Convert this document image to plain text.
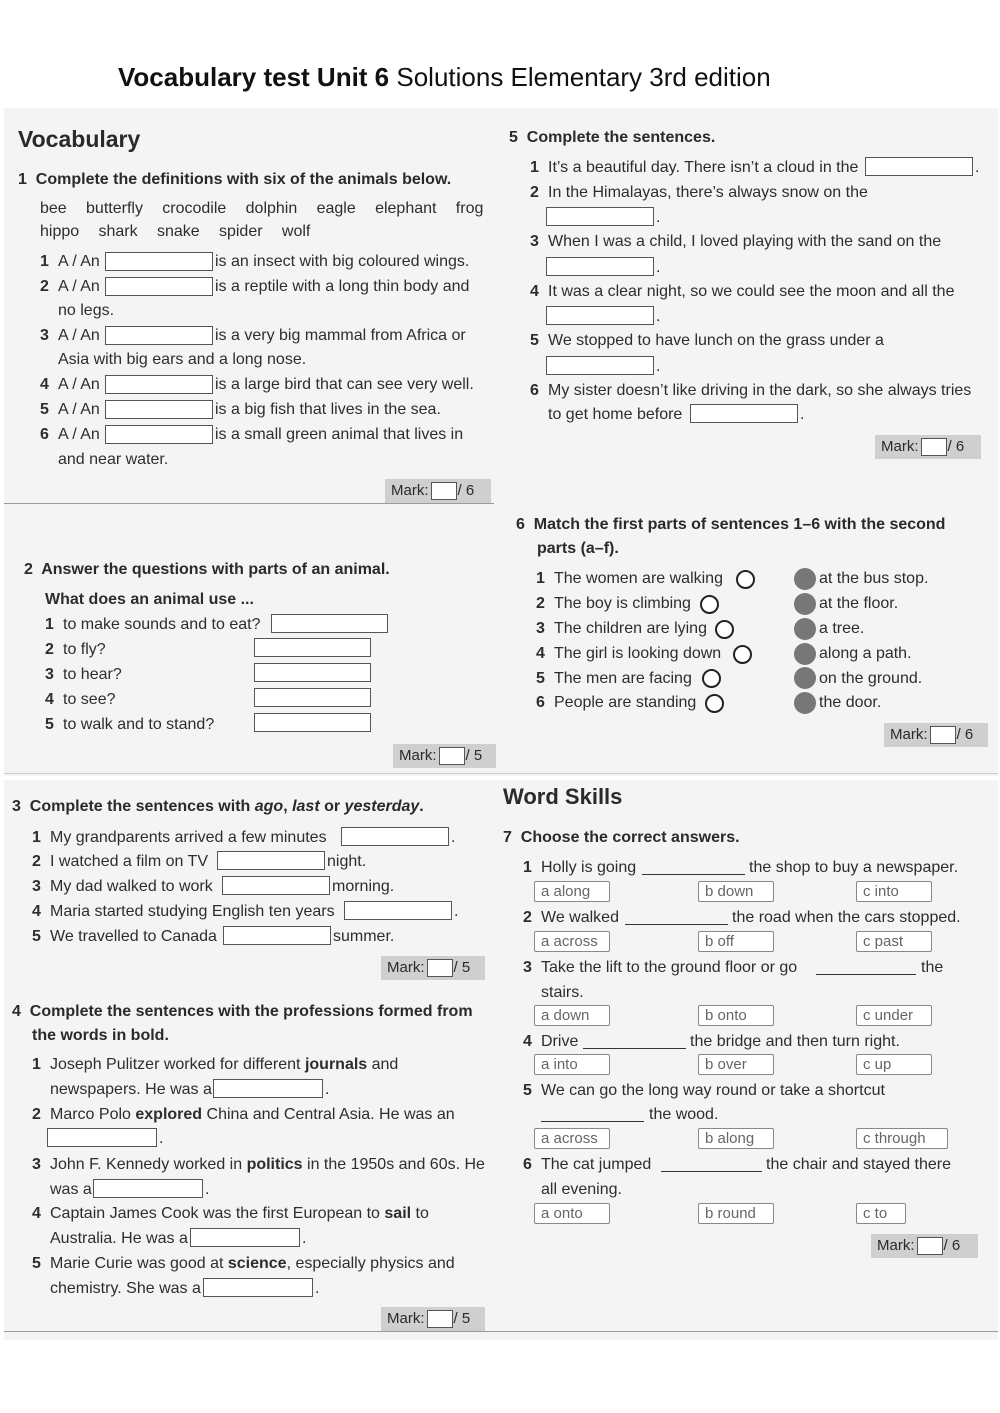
Vocabulary test Unit 6 Solutions Elementary 3rd edition
Vocabulary
1 Complete the definitions with six of the animals below.
bee   butterfly   crocodile   dolphin   eagle   elephant   frog
hippo   shark   snake   spider   wolf
1 A / An	is an insect with big coloured wings.
2 A / An	is a reptile with a long thin body and
no legs.
3 A / An	is a very big mammal from Africa or
Asia with big ears and a long nose.
4 A / An	is a large bird that can see very well.
5 A / An	is a big fish that lives in the sea.
6 A / An	is a small green animal that lives in
and near water.
Mark: / 6
2 Answer the questions with parts of an animal.
What does an animal use ...
1 to make sounds and to eat?
2 to fly?
3 to hear?
4 to see?
5 to walk and to stand?
Mark: / 5
3 Complete the sentences with ago, last or yesterday.
1 My grandparents arrived a few minutes	.
2 I watched a film on TV	night.
3 My dad walked to work	morning.
4 Maria started studying English ten years	.
5 We travelled to Canada	summer.
Mark: / 5
4 Complete the sentences with the professions formed from
the words in bold.
1 Joseph Pulitzer worked for different journals and
newspapers. He was a	.
2 Marco Polo explored China and Central Asia. He was an
.
3 John F. Kennedy worked in politics in the 1950s and 60s. He
was a	.
4 Captain James Cook was the first European to sail to
Australia. He was a	.
5 Marie Curie was good at science, especially physics and
chemistry. She was a	.
Mark: / 5
5 Complete the sentences.
1 It’s a beautiful day. There isn’t a cloud in the	.
2 In the Himalayas, there’s always snow on the
.
3 When I was a child, I loved playing with the sand on the
.
4 It was a clear night, so we could see the moon and all the
.
5 We stopped to have lunch on the grass under a
.
6 My sister doesn’t like driving in the dark, so she always tries
to get home before	.
Mark: / 6
6 Match the first parts of sentences 1–6 with the second
parts (a–f).
1 The women are walking	at the bus stop.
2 The boy is climbing	at the floor.
3 The children are lying	a tree.
4 The girl is looking down	along a path.
5 The men are facing	on the ground.
6 People are standing	the door.
Mark: / 6
Word Skills
7 Choose the correct answers.
1 Holly is going	the shop to buy a newspaper.
a along	b down	c into
2 We walked	the road when the cars stopped.
a across	b off	c past
3 Take the lift to the ground floor or go	the
stairs.
a down	b onto	c under
4 Drive	the bridge and then turn right.
a into	b over	c up
5 We can go the long way round or take a shortcut
the wood.
a across	b along	c through
6 The cat jumped	the chair and stayed there
all evening.
a onto	b round	c to
Mark: / 6
